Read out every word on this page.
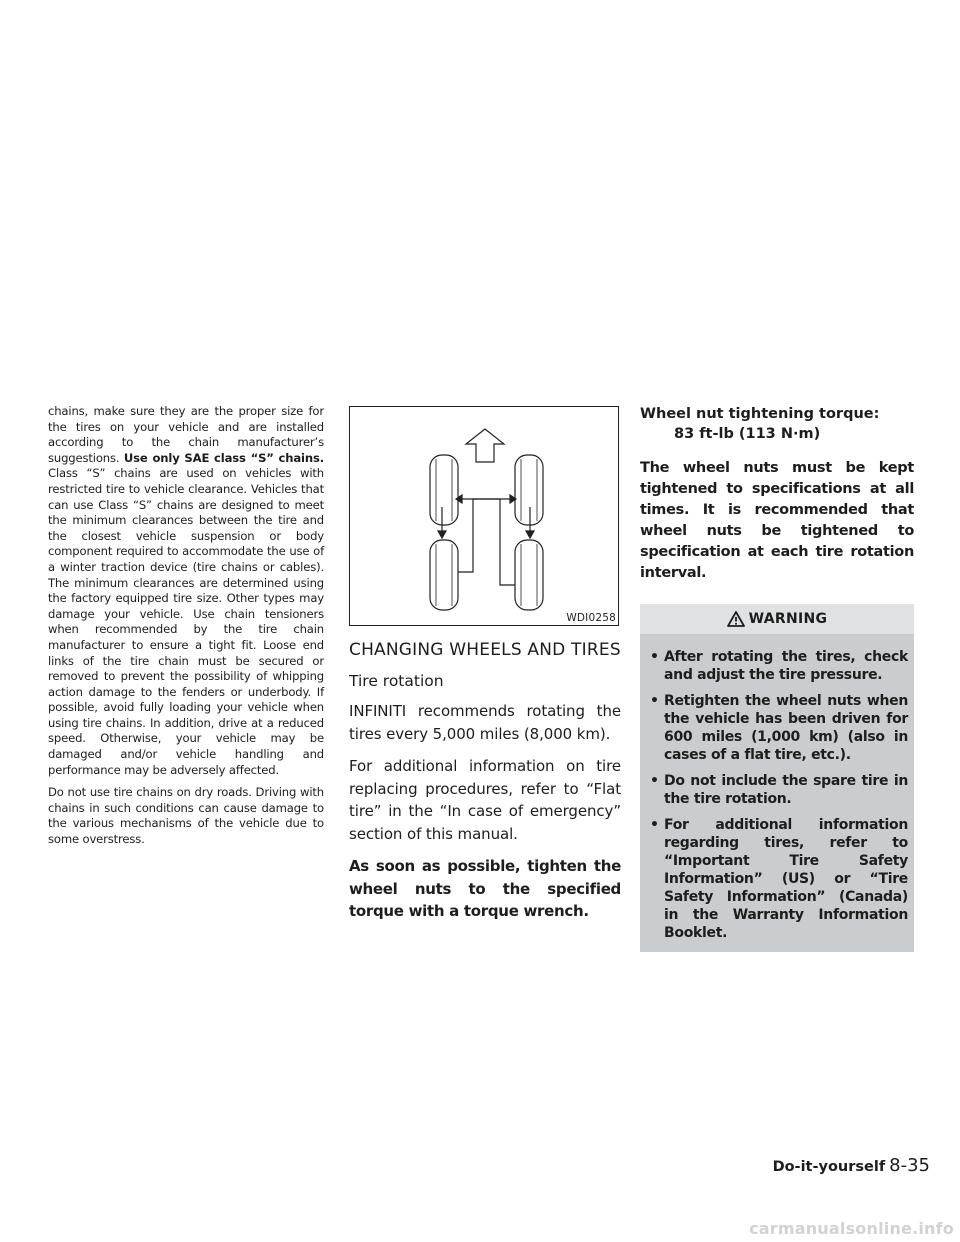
chains, make sure they are the proper size for the tires on your vehicle and are installed according to the chain manufacturer’s suggestions. Use only SAE class “S” chains. Class “S” chains are used on vehicles with restricted tire to vehicle clearance. Vehicles that can use Class “S” chains are designed to meet the minimum clearances between the tire and the closest vehicle suspension or body component required to accommodate the use of a winter traction device (tire chains or cables). The minimum clearances are determined using the factory equipped tire size. Other types may damage your vehicle. Use chain tensioners when recommended by the tire chain manufacturer to ensure a tight fit. Loose end links of the tire chain must be secured or removed to prevent the possibility of whipping action damage to the fenders or underbody. If possible, avoid fully loading your vehicle when using tire chains. In addition, drive at a reduced speed. Otherwise, your vehicle may be damaged and/or vehicle handling and performance may be adversely affected.

Do not use tire chains on dry roads. Driving with chains in such conditions can cause damage to the various mechanisms of the vehicle due to some overstress.

WDI0258
CHANGING WHEELS AND TIRES
Tire rotation

INFINITI recommends rotating the tires every 5,000 miles (8,000 km).

For additional information on tire replacing procedures, refer to “Flat tire” in the “In case of emergency” section of this manual.

As soon as possible, tighten the wheel nuts to the specified torque with a torque wrench.

Wheel nut tightening torque:

83 ft-lb (113 N·m)

The wheel nuts must be kept tightened to specifications at all times. It is recommended that wheel nuts be tightened to specification at each tire rotation interval.

WARNING
• After rotating the tires, check and adjust the tire pressure.
• Retighten the wheel nuts when the vehicle has been driven for 600 miles (1,000 km) (also in cases of a flat tire, etc.).
• Do not include the spare tire in the tire rotation.
• For additional information regarding tires, refer to “Important Tire Safety Information” (US) or “Tire Safety Information” (Canada) in the Warranty Information Booklet.
Do-it-yourself 8-35
carmanualsonline.info
